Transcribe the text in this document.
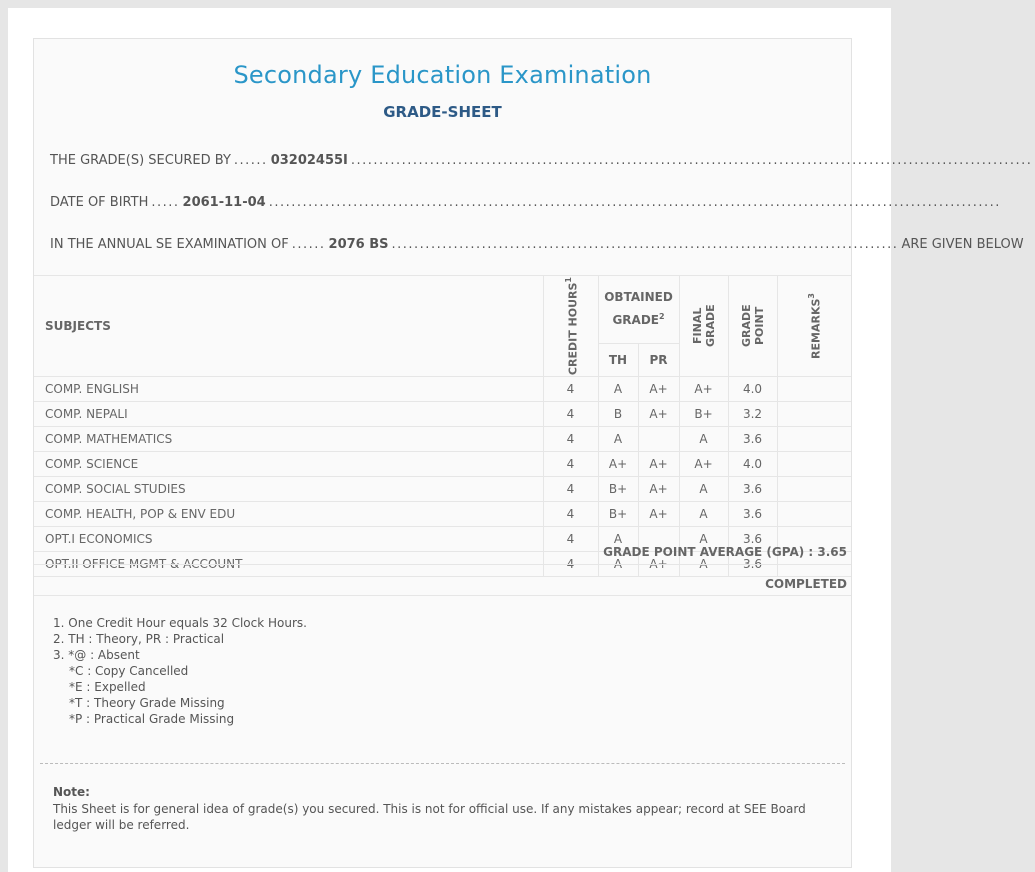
Secondary Education Examination
GRADE-SHEET
THE GRADE(S) SECURED BY ...... 03202455I .........................................................................................................................
DATE OF BIRTH ..... 2061-11-04 ..................................................................................................................................
IN THE ANNUAL SE EXAMINATION OF ...... 2076 BS .......................................................................................... ARE GIVEN BELOW
SUBJECTS	CREDIT HOURS$^1$	OBTAINED GRADE$^2$		FINAL GRADE	GRADE POINT	REMARKS$^3$

		TH	PR			
COMP. ENGLISH	4	A	A+	A+	4.0	
COMP. NEPALI	4	B	A+	B+	3.2	
COMP. MATHEMATICS	4	A		A	3.6	
COMP. SCIENCE	4	A+	A+	A+	4.0	
COMP. SOCIAL STUDIES	4	B+	A+	A	3.6	
COMP. HEALTH, POP & ENV EDU	4	B+	A+	A	3.6	
OPT.I ECONOMICS	4	A		A	3.6	
OPT.II OFFICE MGMT & ACCOUNT	4	A	A+	A	3.6	
GRADE POINT AVERAGE (GPA) : 3.65
COMPLETED
1. One Credit Hour equals 32 Clock Hours.
2. TH : Theory, PR : Practical
3. *@ : Absent
*C : Copy Cancelled
*E : Expelled
*T : Theory Grade Missing
*P : Practical Grade Missing
Note:
This Sheet is for general idea of grade(s) you secured. This is not for official use. If any mistakes appear; record at SEE Board ledger will be referred.
